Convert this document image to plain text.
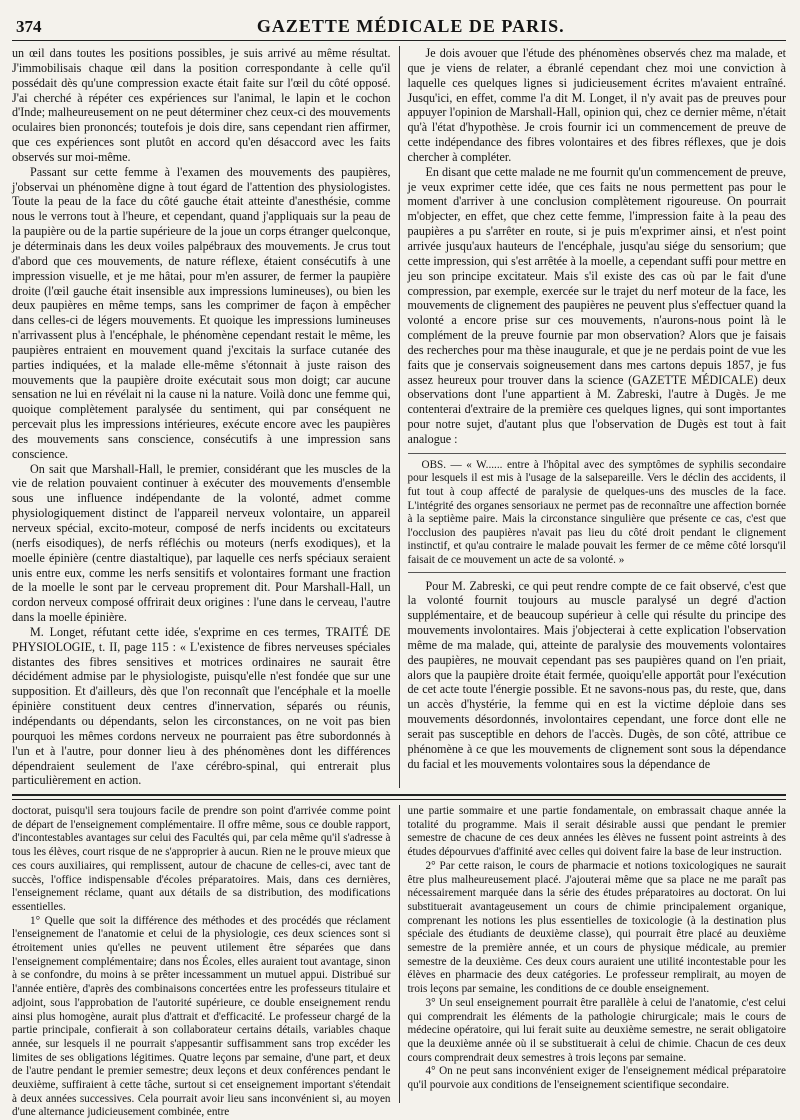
374	GAZETTE MÉDICALE DE PARIS.

un œil dans toutes les positions possibles, je suis arrivé au même résultat. J'immobilisais chaque œil dans la position correspondante à celle qu'il possédait dès qu'une compression exacte était faite sur l'œil du côté opposé. J'ai cherché à répéter ces expériences sur l'animal, le lapin et le cochon d'Inde; malheureusement on ne peut déterminer chez ceux-ci des mouvements oculaires bien prononcés; toutefois je dois dire, sans cependant rien affirmer, que ces expériences sont plutôt en accord qu'en désaccord avec les faits observés sur moi-même.

Passant sur cette femme à l'examen des mouvements des paupières, j'observai un phénomène digne à tout égard de l'attention des physiologistes. Toute la peau de la face du côté gauche était atteinte d'anesthésie, comme nous le verrons tout à l'heure, et cependant, quand j'appliquais sur la peau de la paupière ou de la partie supérieure de la joue un corps étranger quelconque, je déterminais dans les deux voiles palpébraux des mouvements. Je crus tout d'abord que ces mouvements, de nature réflexe, étaient consécutifs à une impression visuelle, et je me hâtai, pour m'en assurer, de fermer la paupière droite (l'œil gauche était insensible aux impressions lumineuses), ou bien les deux paupières en même temps, sans les comprimer de façon à empêcher dans celles-ci de légers mouvements. Et quoique les impressions lumineuses n'arrivassent plus à l'encéphale, le phénomène cependant restait le même, les paupières entraient en mouvement quand j'excitais la surface cutanée des parties indiquées, et la malade elle-même s'étonnait à juste raison des mouvements que la paupière droite exécutait sous mon doigt; car aucune sensation ne lui en révélait ni la cause ni la nature. Voilà donc une femme qui, quoique complètement paralysée du sentiment, qui par conséquent ne percevait plus les impressions intérieures, exécute encore avec les paupières des mouvements sans conscience, consécutifs à une impression sans conscience.

On sait que Marshall-Hall, le premier, considérant que les muscles de la vie de relation pouvaient continuer à exécuter des mouvements d'ensemble sous une influence indépendante de la volonté, admet comme physiologiquement distinct de l'appareil nerveux volontaire, un appareil nerveux spécial, excito-moteur, composé de nerfs incidents ou excitateurs (nerfs eisodiques), de nerfs réfléchis ou moteurs (nerfs exodiques), et la moelle épinière (centre diastaltique), par laquelle ces nerfs spéciaux seraient unis entre eux, comme les nerfs sensitifs et volontaires formant une fraction de la moelle le sont par le cerveau proprement dit. Pour Marshall-Hall, un cordon nerveux composé offrirait deux origines : l'une dans le cerveau, l'autre dans la moelle épinière.

M. Longet, réfutant cette idée, s'exprime en ces termes, TRAITÉ DE PHYSIOLOGIE, t. II, page 115 : « L'existence de fibres nerveuses spéciales distantes des fibres sensitives et motrices ordinaires ne saurait être décidément admise par le physiologiste, puisqu'elle n'est fondée que sur une supposition. Et d'ailleurs, dès que l'on reconnaît que l'encéphale et la moelle épinière constituent deux centres d'innervation, séparés ou réunis, indépendants ou dépendants, selon les circonstances, on ne voit pas bien pourquoi les mêmes cordons nerveux ne pourraient pas être subordonnés à l'un et à l'autre, pour donner lieu à des phénomènes dont les différences dépendraient seulement de l'axe cérébro-spinal, qui entrerait plus particulièrement en action.

Je dois avouer que l'étude des phénomènes observés chez ma malade, et que je viens de relater, a ébranlé cependant chez moi une conviction à laquelle ces quelques lignes si judicieusement écrites m'avaient entraîné. Jusqu'ici, en effet, comme l'a dit M. Longet, il n'y avait pas de preuves pour appuyer l'opinion de Marshall-Hall, opinion qui, chez ce dernier même, n'était qu'à l'état d'hypothèse. Je crois fournir ici un commencement de preuve de cette indépendance des fibres volontaires et des fibres réflexes, que je dois chercher à compléter.

En disant que cette malade ne me fournit qu'un commencement de preuve, je veux exprimer cette idée, que ces faits ne nous permettent pas pour le moment d'arriver à une conclusion complètement rigoureuse. On pourrait m'objecter, en effet, que chez cette femme, l'impression faite à la peau des paupières a pu s'arrêter en route, si je puis m'exprimer ainsi, et n'est point arrivée jusqu'aux hauteurs de l'encéphale, jusqu'au siége du sensorium; que cette impression, qui s'est arrêtée à la moelle, a cependant suffi pour mettre en jeu son principe excitateur. Mais s'il existe des cas où par le fait d'une compression, par exemple, exercée sur le trajet du nerf moteur de la face, les mouvements de clignement des paupières ne peuvent plus s'effectuer quand la volonté a encore prise sur ces mouvements, n'aurons-nous point là le complément de la preuve fournie par mon observation? Alors que je faisais des recherches pour ma thèse inaugurale, et que je ne perdais point de vue les faits que je conservais soigneusement dans mes cartons depuis 1857, je fus assez heureux pour trouver dans la science (GAZETTE MÉDICALE) deux observations dont l'une appartient à M. Zabreski, l'autre à Dugès. Je me contenterai d'extraire de la première ces quelques lignes, qui sont importantes pour notre sujet, d'autant plus que l'observation de Dugès est tout à fait analogue :

OBS. — « W...... entre à l'hôpital avec des symptômes de syphilis secondaire pour lesquels il est mis à l'usage de la salsepareille. Vers le déclin des accidents, il fut tout à coup affecté de paralysie de quelques-uns des muscles de la face. L'intégrité des organes sensoriaux ne permet pas de reconnaître une affection bornée à la septième paire. Mais la circonstance singulière que présente ce cas, c'est que l'occlusion des paupières n'avait pas lieu du côté droit pendant le clignement instinctif, et qu'au contraire le malade pouvait les fermer de ce même côté lorsqu'il faisait de ce mouvement un acte de sa volonté. »

Pour M. Zabreski, ce qui peut rendre compte de ce fait observé, c'est que la volonté fournit toujours au muscle paralysé un degré d'action supplémentaire, et de beaucoup supérieur à celle qui résulte du principe des mouvements involontaires. Mais j'objecterai à cette explication l'observation même de ma malade, qui, atteinte de paralysie des mouvements volontaires des paupières, ne mouvait cependant pas ses paupières quand on l'en priait, alors que la paupière droite était fermée, quoiqu'elle apportât pour l'exécution de cet acte toute l'énergie possible. Et ne savons-nous pas, du reste, que, dans un accès d'hystérie, la femme qui en est la victime déploie dans ses mouvements désordonnés, involontaires cependant, une force dont elle ne serait pas susceptible en dehors de l'accès. Dugès, de son côté, attribue ce phénomène à ce que les mouvements de clignement sont sous la dépendance du facial et les mouvements volontaires sous la dépendance de

doctorat, puisqu'il sera toujours facile de prendre son point d'arrivée comme point de départ de l'enseignement complémentaire. Il offre même, sous ce double rapport, d'incontestables avantages sur celui des Facultés qui, par cela même qu'il s'adresse à tous les élèves, court risque de ne s'approprier à aucun. Rien ne le prouve mieux que ces cours auxiliaires, qui remplissent, autour de chacune de celles-ci, avec tant de succès, l'office indispensable d'écoles préparatoires. Mais, dans ces dernières, l'enseignement réclame, quant aux détails de sa distribution, des modifications essentielles.

1° Quelle que soit la différence des méthodes et des procédés que réclament l'enseignement de l'anatomie et celui de la physiologie, ces deux sciences sont si étroitement unies qu'elles ne peuvent utilement être séparées que dans l'enseignement complémentaire; dans nos Écoles, elles auraient tout avantage, sinon à se confondre, du moins à se prêter incessamment un mutuel appui. Distribué sur l'année entière, d'après des combinaisons concertées entre les professeurs titulaire et adjoint, sous l'approbation de l'autorité supérieure, ce double enseignement rendu ainsi plus homogène, aurait plus d'attrait et d'efficacité. Le professeur chargé de la partie principale, confierait à son collaborateur certains détails, variables chaque année, sur lesquels il ne pourrait s'appesantir suffisamment sans trop excéder les limites de ses obligations légitimes. Quatre leçons par semaine, d'une part, et deux de l'autre pendant le premier semestre; deux leçons et deux conférences pendant le deuxième, suffiraient à cette tâche, surtout si cet enseignement important s'étendait à deux années successives. Cela pourrait avoir lieu sans inconvénient si, au moyen d'une alternance judicieusement combinée, entre

une partie sommaire et une partie fondamentale, on embrassait chaque année la totalité du programme. Mais il serait désirable aussi que pendant le premier semestre de chacune de ces deux années les élèves ne fussent point astreints à des études dépourvues d'affinité avec celles qui doivent faire la base de leur instruction.

2° Par cette raison, le cours de pharmacie et notions toxicologiques ne saurait être plus malheureusement placé. J'ajouterai même que sa place ne me paraît pas nécessairement marquée dans la série des études préparatoires au doctorat. On lui substituerait avantageusement un cours de chimie principalement organique, comprenant les notions les plus essentielles de toxicologie (à la destination plus spéciale des étudiants de deuxième classe), qui pourrait être placé au deuxième semestre de la première année, et un cours de physique médicale, au premier semestre de la deuxième. Ces deux cours auraient une utilité incontestable pour les élèves en pharmacie des deux catégories. Le professeur remplirait, au moyen de trois leçons par semaine, les conditions de ce double enseignement.

3° Un seul enseignement pourrait être parallèle à celui de l'anatomie, c'est celui qui comprendrait les éléments de la pathologie chirurgicale; mais le cours de médecine opératoire, qui lui ferait suite au deuxième semestre, ne serait obligatoire que la deuxième année où il se substituerait à celui de chimie. Chacun de ces deux cours comprendrait deux semestres à trois leçons par semaine.

4° On ne peut sans inconvénient exiger de l'enseignement médical préparatoire qu'il pourvoie aux conditions de l'enseignement scientifique secondaire.
